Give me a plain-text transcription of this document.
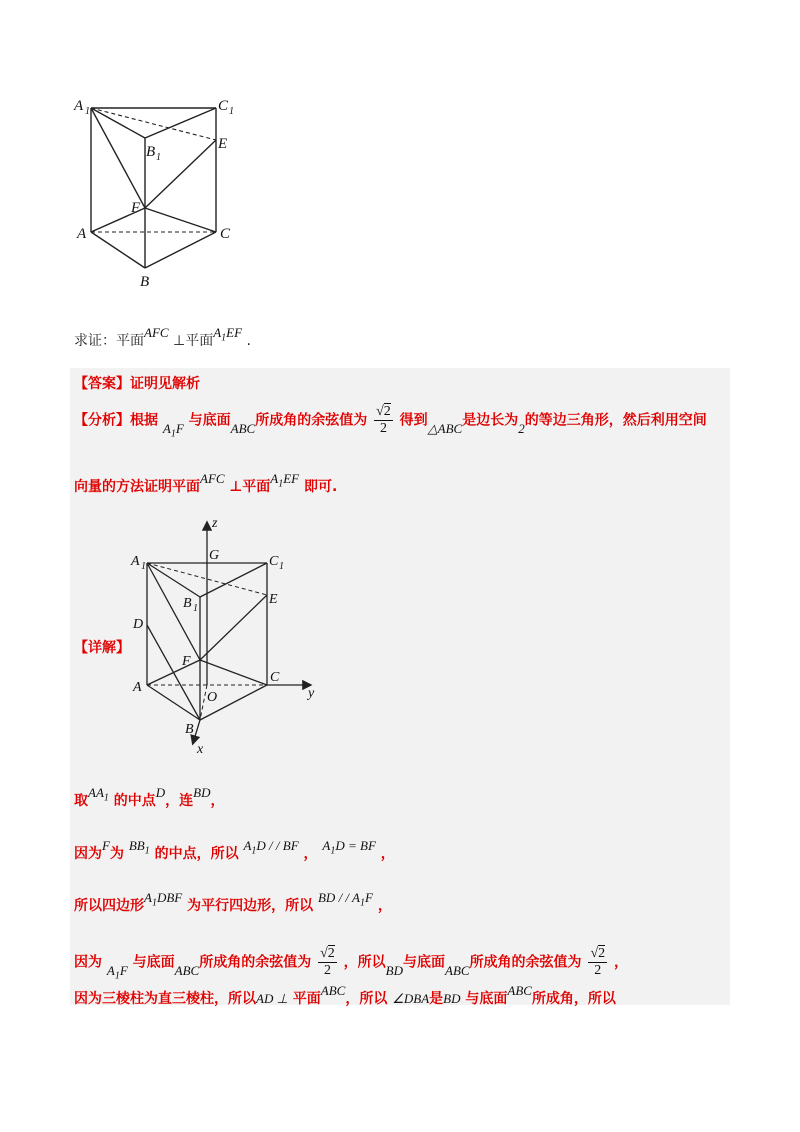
A 1	C 1
B 1
E
F
A	C
B
求证：平面AFC ⊥平面$A_1EF$ .
【答案】证明见解析
【分析】根据 $A_1F$ 与底面ABC所成角的余弦值为 $\frac{√2}{2}$ 得到△ABC是边长为2的等边三角形，然后利用空间
向量的方法证明平面AFC ⊥平面$A_1EF$ 即可.
【详解】
z
A 1
G	C 1
B 1
E
D
F
A
O
C
y
B
x
取$AA_1$ 的中点D，连BD，
因为F为 $BB_1$ 的中点，所以 $A_1D$ / / BF ， $A_1D$ = BF ，
所以四边形$A_1DBF$ 为平行四边形，所以 BD / / $A_1F$ ，
因为 $A_1F$ 与底面ABC所成角的余弦值为 $\frac{√2}{2}$ ，所以BD与底面ABC所成角的余弦值为 $\frac{√2}{2}$ ，
因为三棱柱为直三棱柱，所以AD ⊥ 平面ABC，所以 ∠DBA是BD 与底面ABC所成角，所以
